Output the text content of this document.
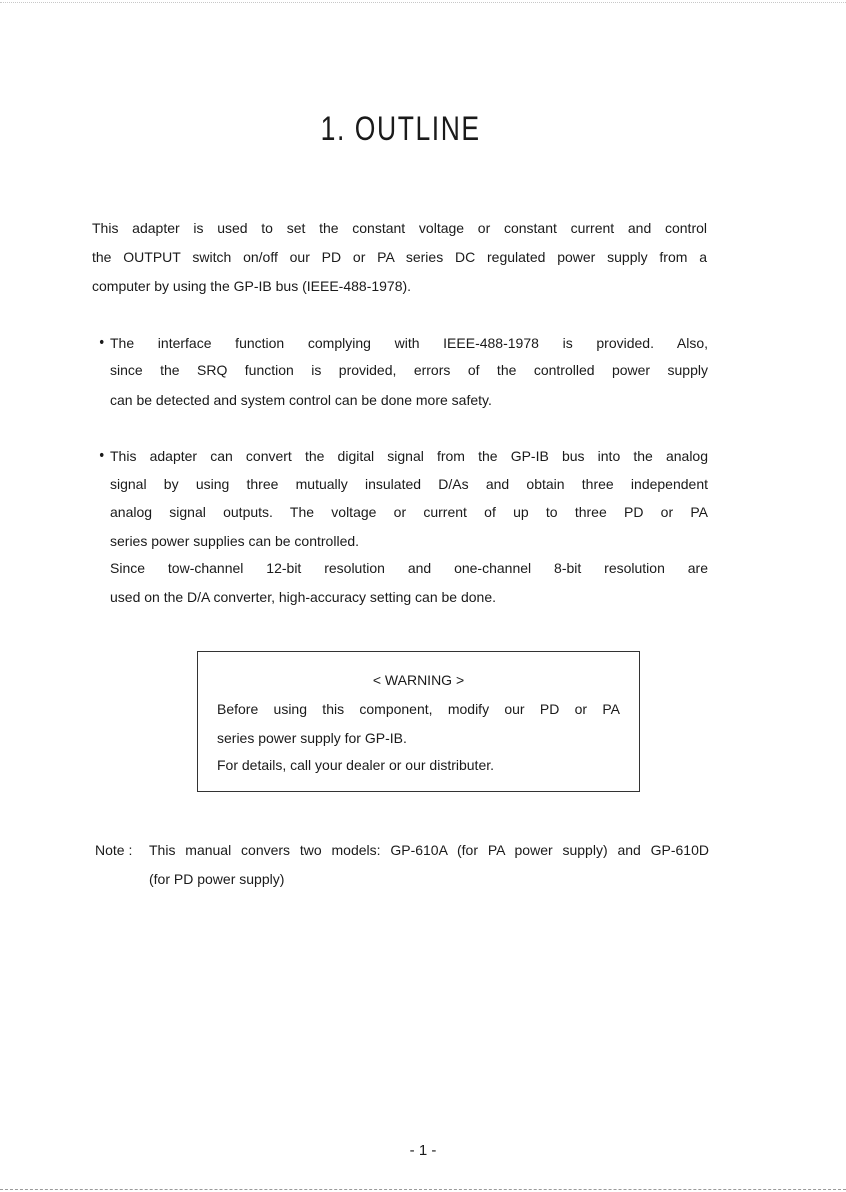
1. OUTLINE
This adapter is used to set the constant voltage or constant current and control
the OUTPUT switch on/off our PD or PA series DC regulated power supply from a
computer by using the GP-IB bus (IEEE-488-1978).
• The interface function complying with IEEE-488-1978 is provided. Also,
since the SRQ function is provided, errors of the controlled power supply
can be detected and system control can be done more safety.
• This adapter can convert the digital signal from the GP-IB bus into the analog
signal by using three mutually insulated D/As and obtain three independent
analog signal outputs. The voltage or current of up to three PD or PA
series power supplies can be controlled.
Since tow-channel 12-bit resolution and one-channel 8-bit resolution are
used on the D/A converter, high-accuracy setting can be done.
< WARNING >
Before using this component, modify our PD or PA
series power supply for GP-IB.
For details, call your dealer or our distributer.
Note : This manual convers two models: GP-610A (for PA power supply) and GP-610D
(for PD power supply)
- 1 -
